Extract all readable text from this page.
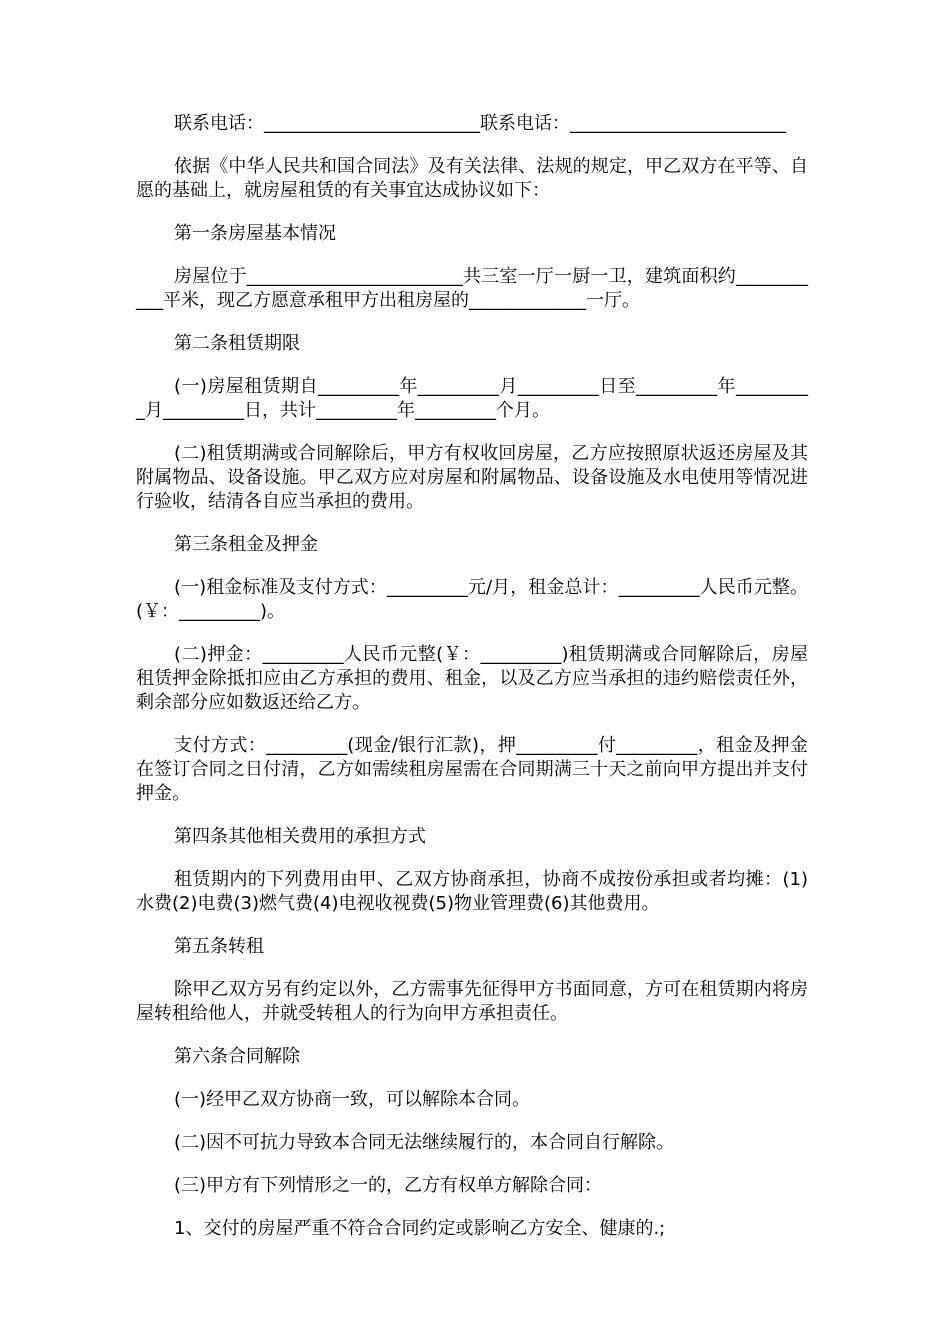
联系电话：________________________联系电话：________________________

依据《中华人民共和国合同法》及有关法律、法规的规定，甲乙双方在平等、自愿的基础上，就房屋租赁的有关事宜达成协议如下：

第一条房屋基本情况

房屋位于________________________共三室一厅一厨一卫，建筑面积约___________平米，现乙方愿意承租甲方出租房屋的_____________一厅。

第二条租赁期限

(一)房屋租赁期自_________年_________月_________日至_________年_________月_________日，共计_________年_________个月。

(二)租赁期满或合同解除后，甲方有权收回房屋，乙方应按照原状返还房屋及其附属物品、设备设施。甲乙双方应对房屋和附属物品、设备设施及水电使用等情况进行验收，结清各自应当承担的费用。

第三条租金及押金

(一)租金标准及支付方式：_________元/月，租金总计：_________人民币元整。(￥：_________)。

(二)押金：_________人民币元整(￥：_________)租赁期满或合同解除后，房屋租赁押金除抵扣应由乙方承担的费用、租金，以及乙方应当承担的违约赔偿责任外，剩余部分应如数返还给乙方。

支付方式：_________(现金/银行汇款)，押_________付_________，租金及押金在签订合同之日付清，乙方如需续租房屋需在合同期满三十天之前向甲方提出并支付押金。

第四条其他相关费用的承担方式

租赁期内的下列费用由甲、乙双方协商承担，协商不成按份承担或者均摊：(1)水费(2)电费(3)燃气费(4)电视收视费(5)物业管理费(6)其他费用。

第五条转租

除甲乙双方另有约定以外，乙方需事先征得甲方书面同意，方可在租赁期内将房屋转租给他人，并就受转租人的行为向甲方承担责任。

第六条合同解除

(一)经甲乙双方协商一致，可以解除本合同。

(二)因不可抗力导致本合同无法继续履行的，本合同自行解除。

(三)甲方有下列情形之一的，乙方有权单方解除合同：

1、交付的房屋严重不符合合同约定或影响乙方安全、健康的.;
